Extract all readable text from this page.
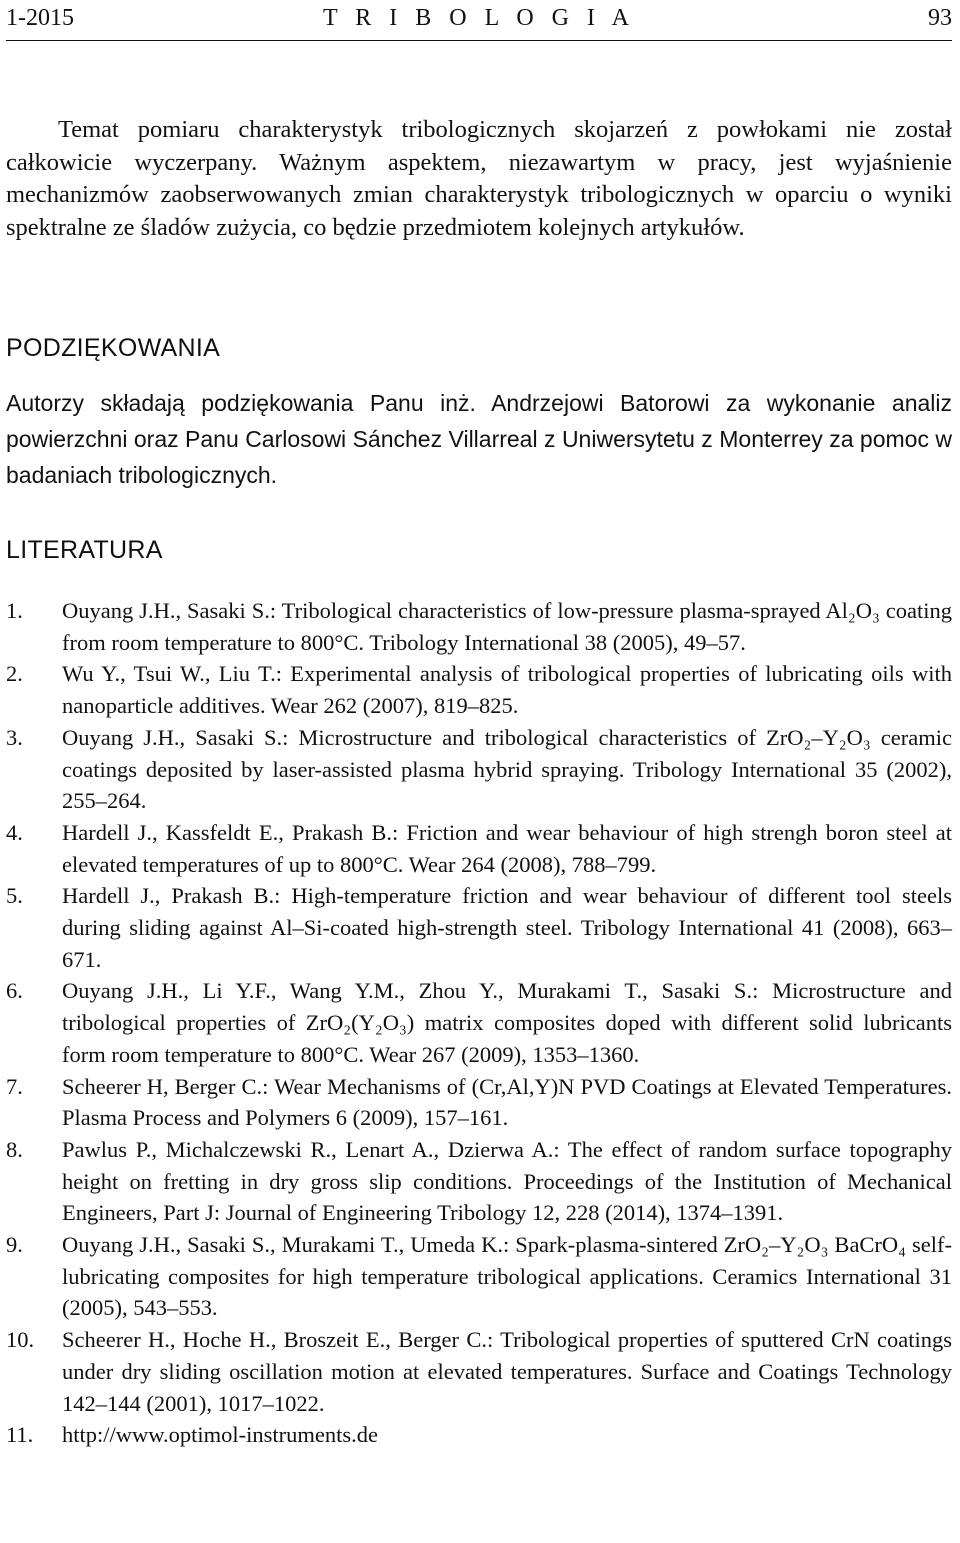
1-2015	T R I B O L O G I A	93

Temat pomiaru charakterystyk tribologicznych skojarzeń z powłokami nie został całkowicie wyczerpany. Ważnym aspektem, niezawartym w pracy, jest wyjaśnienie mechanizmów zaobserwowanych zmian charakterystyk tribologicznych w oparciu o wyniki spektralne ze śladów zużycia, co będzie przedmiotem kolejnych artykułów.

PODZIĘKOWANIA

Autorzy składają podziękowania Panu inż. Andrzejowi Batorowi za wykonanie analiz powierzchni oraz Panu Carlosowi Sánchez Villarreal z Uniwersytetu z Monterrey za pomoc w badaniach tribologicznych.

LITERATURA
1.	Ouyang J.H., Sasaki S.: Tribological characteristics of low-pressure plasma-sprayed Al₂O₃ coating from room temperature to 800°C. Tribology International 38 (2005), 49–57.
2.	Wu Y., Tsui W., Liu T.: Experimental analysis of tribological properties of lubricating oils with nanoparticle additives. Wear 262 (2007), 819–825.
3.	Ouyang J.H., Sasaki S.: Microstructure and tribological characteristics of ZrO₂–Y₂O₃ ceramic coatings deposited by laser-assisted plasma hybrid spraying. Tribology International 35 (2002), 255–264.
4.	Hardell J., Kassfeldt E., Prakash B.: Friction and wear behaviour of high strengh boron steel at elevated temperatures of up to 800°C. Wear 264 (2008), 788–799.
5.	Hardell J., Prakash B.: High-temperature friction and wear behaviour of different tool steels during sliding against Al–Si-coated high-strength steel. Tribology International 41 (2008), 663–671.
6.	Ouyang J.H., Li Y.F., Wang Y.M., Zhou Y., Murakami T., Sasaki S.: Microstructure and tribological properties of ZrO₂(Y₂O₃) matrix composites doped with different solid lubricants form room temperature to 800°C. Wear 267 (2009), 1353–1360.
7.	Scheerer H, Berger C.: Wear Mechanisms of (Cr,Al,Y)N PVD Coatings at Elevated Temperatures. Plasma Process and Polymers 6 (2009), 157–161.
8.	Pawlus P., Michalczewski R., Lenart A., Dzierwa A.: The effect of random surface topography height on fretting in dry gross slip conditions. Proceedings of the Institution of Mechanical Engineers, Part J: Journal of Engineering Tribology 12, 228 (2014), 1374–1391.
9.	Ouyang J.H., Sasaki S., Murakami T., Umeda K.: Spark-plasma-sintered ZrO₂–Y₂O₃ BaCrO₄ self-lubricating composites for high temperature tribological applications. Ceramics International 31 (2005), 543–553.
10.	Scheerer H., Hoche H., Broszeit E., Berger C.: Tribological properties of sputtered CrN coatings under dry sliding oscillation motion at elevated temperatures. Surface and Coatings Technology 142–144 (2001), 1017–1022.
11.	http://www.optimol-instruments.de
